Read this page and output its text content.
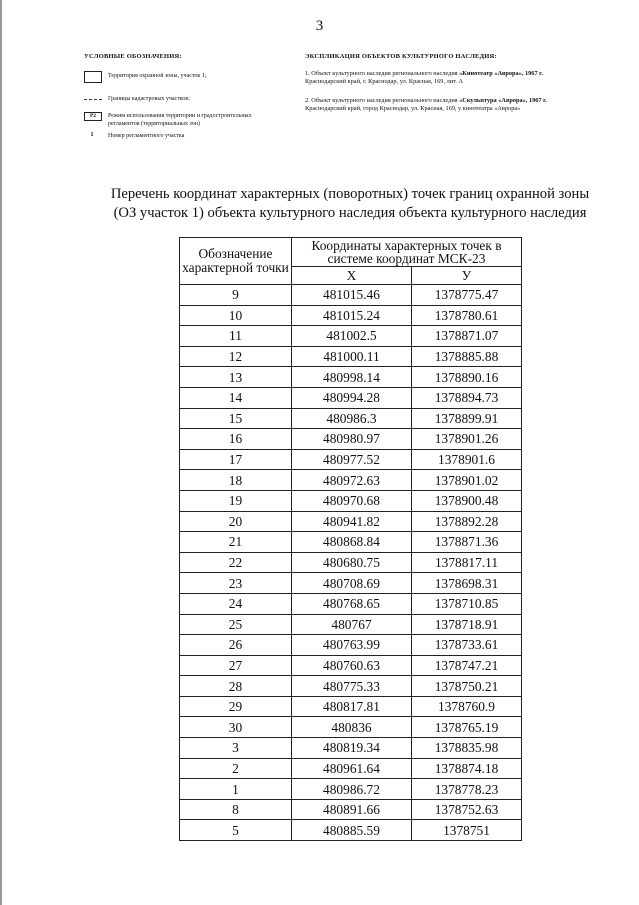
3
УСЛОВНЫЕ ОБОЗНАЧЕНИЯ:
Территория охранной зоны, участок 1;
Границы кадастровых участков;
Р2	Режим использования территории и градостроительных регламентов (территориальных зон)
1	Номер регламентного участка
ЭКСПЛИКАЦИЯ ОБЪЕКТОВ КУЛЬТУРНОГО НАСЛЕДИЯ:
1. Объект культурного наследия регионального наследия «Кинотеатр «Аврора», 1967 г.
Краснодарский край, г. Краснодар, ул. Красная, 169, лит. А
2. Объект культурного наследия регионального наследия «Скульптура «Аврора», 1967 г.
Краснодарский край, город Краснодар, ул. Красная, 169, у кинотеатра «Аврора»
Перечень координат характерных (поворотных) точек границ охранной зоны
(ОЗ участок 1) объекта культурного наследия объекта культурного наследия
Обозначение характерной точки	Координаты характерных точек в системе координат МСК-23	
	Х	У
9	481015.46	1378775.47
10	481015.24	1378780.61
11	481002.5	1378871.07
12	481000.11	1378885.88
13	480998.14	1378890.16
14	480994.28	1378894.73
15	480986.3	1378899.91
16	480980.97	1378901.26
17	480977.52	1378901.6
18	480972.63	1378901.02
19	480970.68	1378900.48
20	480941.82	1378892.28
21	480868.84	1378871.36
22	480680.75	1378817.11
23	480708.69	1378698.31
24	480768.65	1378710.85
25	480767	1378718.91
26	480763.99	1378733.61
27	480760.63	1378747.21
28	480775.33	1378750.21
29	480817.81	1378760.9
30	480836	1378765.19
3	480819.34	1378835.98
2	480961.64	1378874.18
1	480986.72	1378778.23
8	480891.66	1378752.63
5	480885.59	1378751
